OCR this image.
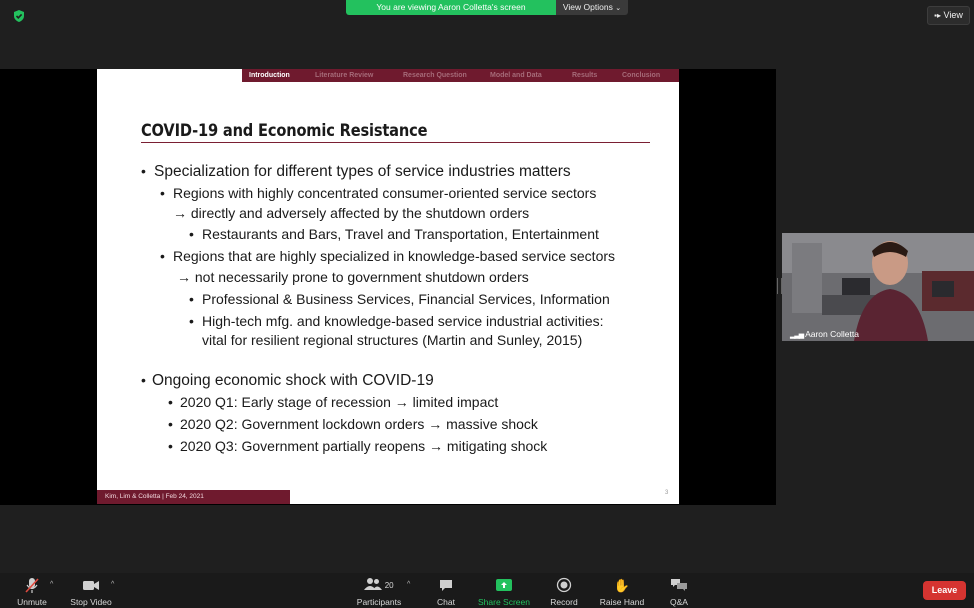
You are viewing Aaron Colletta's screen	View Options ⌄
▪▸ View
Introduction	Literature Review	Research Question	Model and Data	Results	Conclusion
COVID-19 and Economic Resistance
• Specialization for different types of service industries matters
• Regions with highly concentrated consumer-oriented service sectors
→ directly and adversely affected by the shutdown orders
• Restaurants and Bars, Travel and Transportation, Entertainment
• Regions that are highly specialized in knowledge-based service sectors
→ not necessarily prone to government shutdown orders
• Professional & Business Services, Financial Services, Information
• High-tech mfg. and knowledge-based service industrial activities:
vital for resilient regional structures (Martin and Sunley, 2015)
• Ongoing economic shock with COVID-19
• 2020 Q1: Early stage of recession → limited impact
• 2020 Q2: Government lockdown orders → massive shock
• 2020 Q3: Government partially reopens → mitigating shock
Kim, Lim & Colletta | Feb 24, 2021	3
▂▃▅ Aaron Colletta
Unmute
^
Stop Video
^	20
Participants
^
Chat	Share Screen Record
✋
Raise Hand	Q&A
Leave
